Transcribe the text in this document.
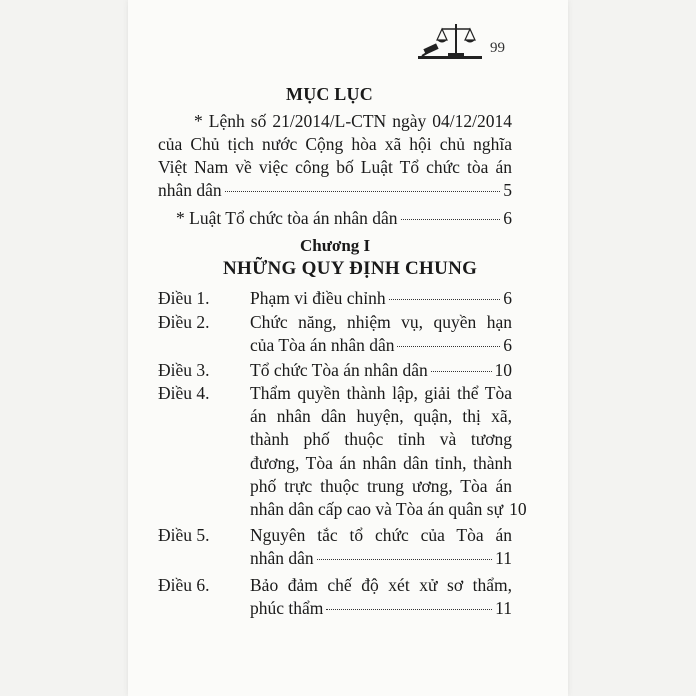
99
MỤC LỤC
* Lệnh số 21/2014/L-CTN ngày 04/12/2014
của Chủ tịch nước Cộng hòa xã hội chủ nghĩa
Việt Nam về việc công bố Luật Tổ chức tòa án
nhân dân	5
* Luật Tổ chức tòa án nhân dân	6
Chương I
NHỮNG QUY ĐỊNH CHUNG
Điều 1. Phạm vi điều chỉnh	6
Điều 2. Chức năng, nhiệm vụ, quyền hạn
của Tòa án nhân dân	6
Điều 3. Tổ chức Tòa án nhân dân	10
Điều 4. Thẩm quyền thành lập, giải thể Tòa
án nhân dân huyện, quận, thị xã,
thành phố thuộc tỉnh và tương
đương, Tòa án nhân dân tỉnh, thành
phố trực thuộc trung ương, Tòa án
nhân dân cấp cao và Tòa án quân sự 10
Điều 5. Nguyên tắc tổ chức của Tòa án
nhân dân	11
Điều 6. Bảo đảm chế độ xét xử sơ thẩm,
phúc thẩm	11
